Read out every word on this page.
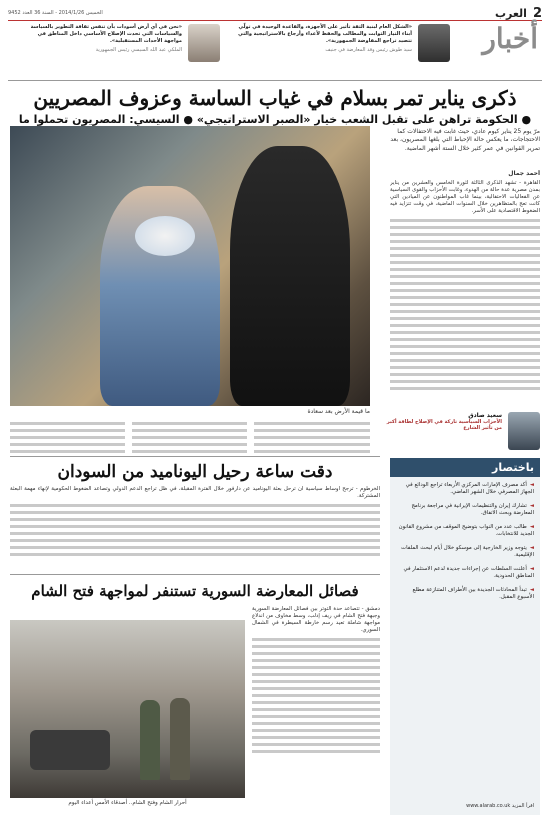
2
العرب
الخميس 2014/1/26 - السنة 36 العدد 9452
أخبار
«الشكل العام لبنية الثقة تأثير على الأجهزة، والقاعدة الوحيدة في تولّي أبناء التيار الثوابت والمطالب والحفظ لأعداء وأرجاع بالاستراتيجية والتي تتصيد تراجع المفاوضة الجمهورية».
سيد طوش رئيس وفد المعارضة في جنيف
«نحن في أي أرض أسودات بأن تنفس ثقافة التطوير بالسياسة والسياسات التي تحدث الإصلاح الأساسي داخل المناطق في مواجهة الأحداث المستقبلية».
الملكي عبد الله السيسي رئيس الجمهورية
ذكرى يناير تمر بسلام في غياب الساسة وعزوف المصريين
● الحكومة تراهن على تقبل الشعب خيار «الصبر الاستراتيجي» ● السيسي: المصريون تحملوا ما
مرّ يوم 25 يناير كيوم عادي، حيث غابت فيه الاحتفالات كما الاحتجاجات، ما يعكس حالة الإحباط التي بلغها المصريون، بعد تمرير القوانين في عمر كثير خلال الستة أشهر الماضية.
ما قيمة الأرض بعد سعادة
أحمد جمال
القاهرة - تشهد الذكرى الثالثة لثورة الخامس والعشرين من يناير بمدن مصرية عدة حالة من الهدوء، وغابت الأحزاب والقوى السياسية عن الفعاليات الاحتفالية، بينما غاب المواطنون عن الميادين التي كانت تعج بالمتظاهرين خلال السنوات الماضية، في وقت تتزايد فيه الضغوط الاقتصادية على الأسر.
سعيد صادق
الأحزاب السياسية تاركة في الإصلاح لطاقة أكبر من تأثير الشارع
باختصار
◄أكد مصرف الإمارات المركزي الأربعاء تراجع الودائع في الجهاز المصرفي خلال الشهر الماضي.
◄تشارك إيران والتنظيمات الإيرانية في مراجعة برنامج المعارضة وبحث الاتفاق.
◄طالب عدد من النواب بتوضيح الموقف من مشروع القانون الجديد للانتخابات.
◄يتوجه وزير الخارجية إلى موسكو خلال أيام لبحث الملفات الإقليمية.
◄أعلنت السلطات عن إجراءات جديدة لدعم الاستثمار في المناطق الحدودية.
◄تبدأ المحادثات الجديدة بين الأطراف المتنازعة مطلع الأسبوع المقبل.
اقرأ المزيد www.alarab.co.uk
دقت ساعة رحيل اليوناميد من السودان
الخرطوم - ترجح أوساط سياسية أن ترحل بعثة اليوناميد عن دارفور خلال الفترة المقبلة، في ظل تراجع الدعم الدولي وتصاعد الضغوط الحكومية لإنهاء مهمة البعثة المشتركة.
فصائل المعارضة السورية تستنفر لمواجهة فتح الشام
أحرار الشام وفتح الشام.. أصدقاء الأمس أعداء اليوم
دمشق - تتصاعد حدة التوتر بين فصائل المعارضة السورية وجبهة فتح الشام في ريف إدلب، وسط مخاوف من اندلاع مواجهة شاملة تعيد رسم خارطة السيطرة في الشمال السوري.
